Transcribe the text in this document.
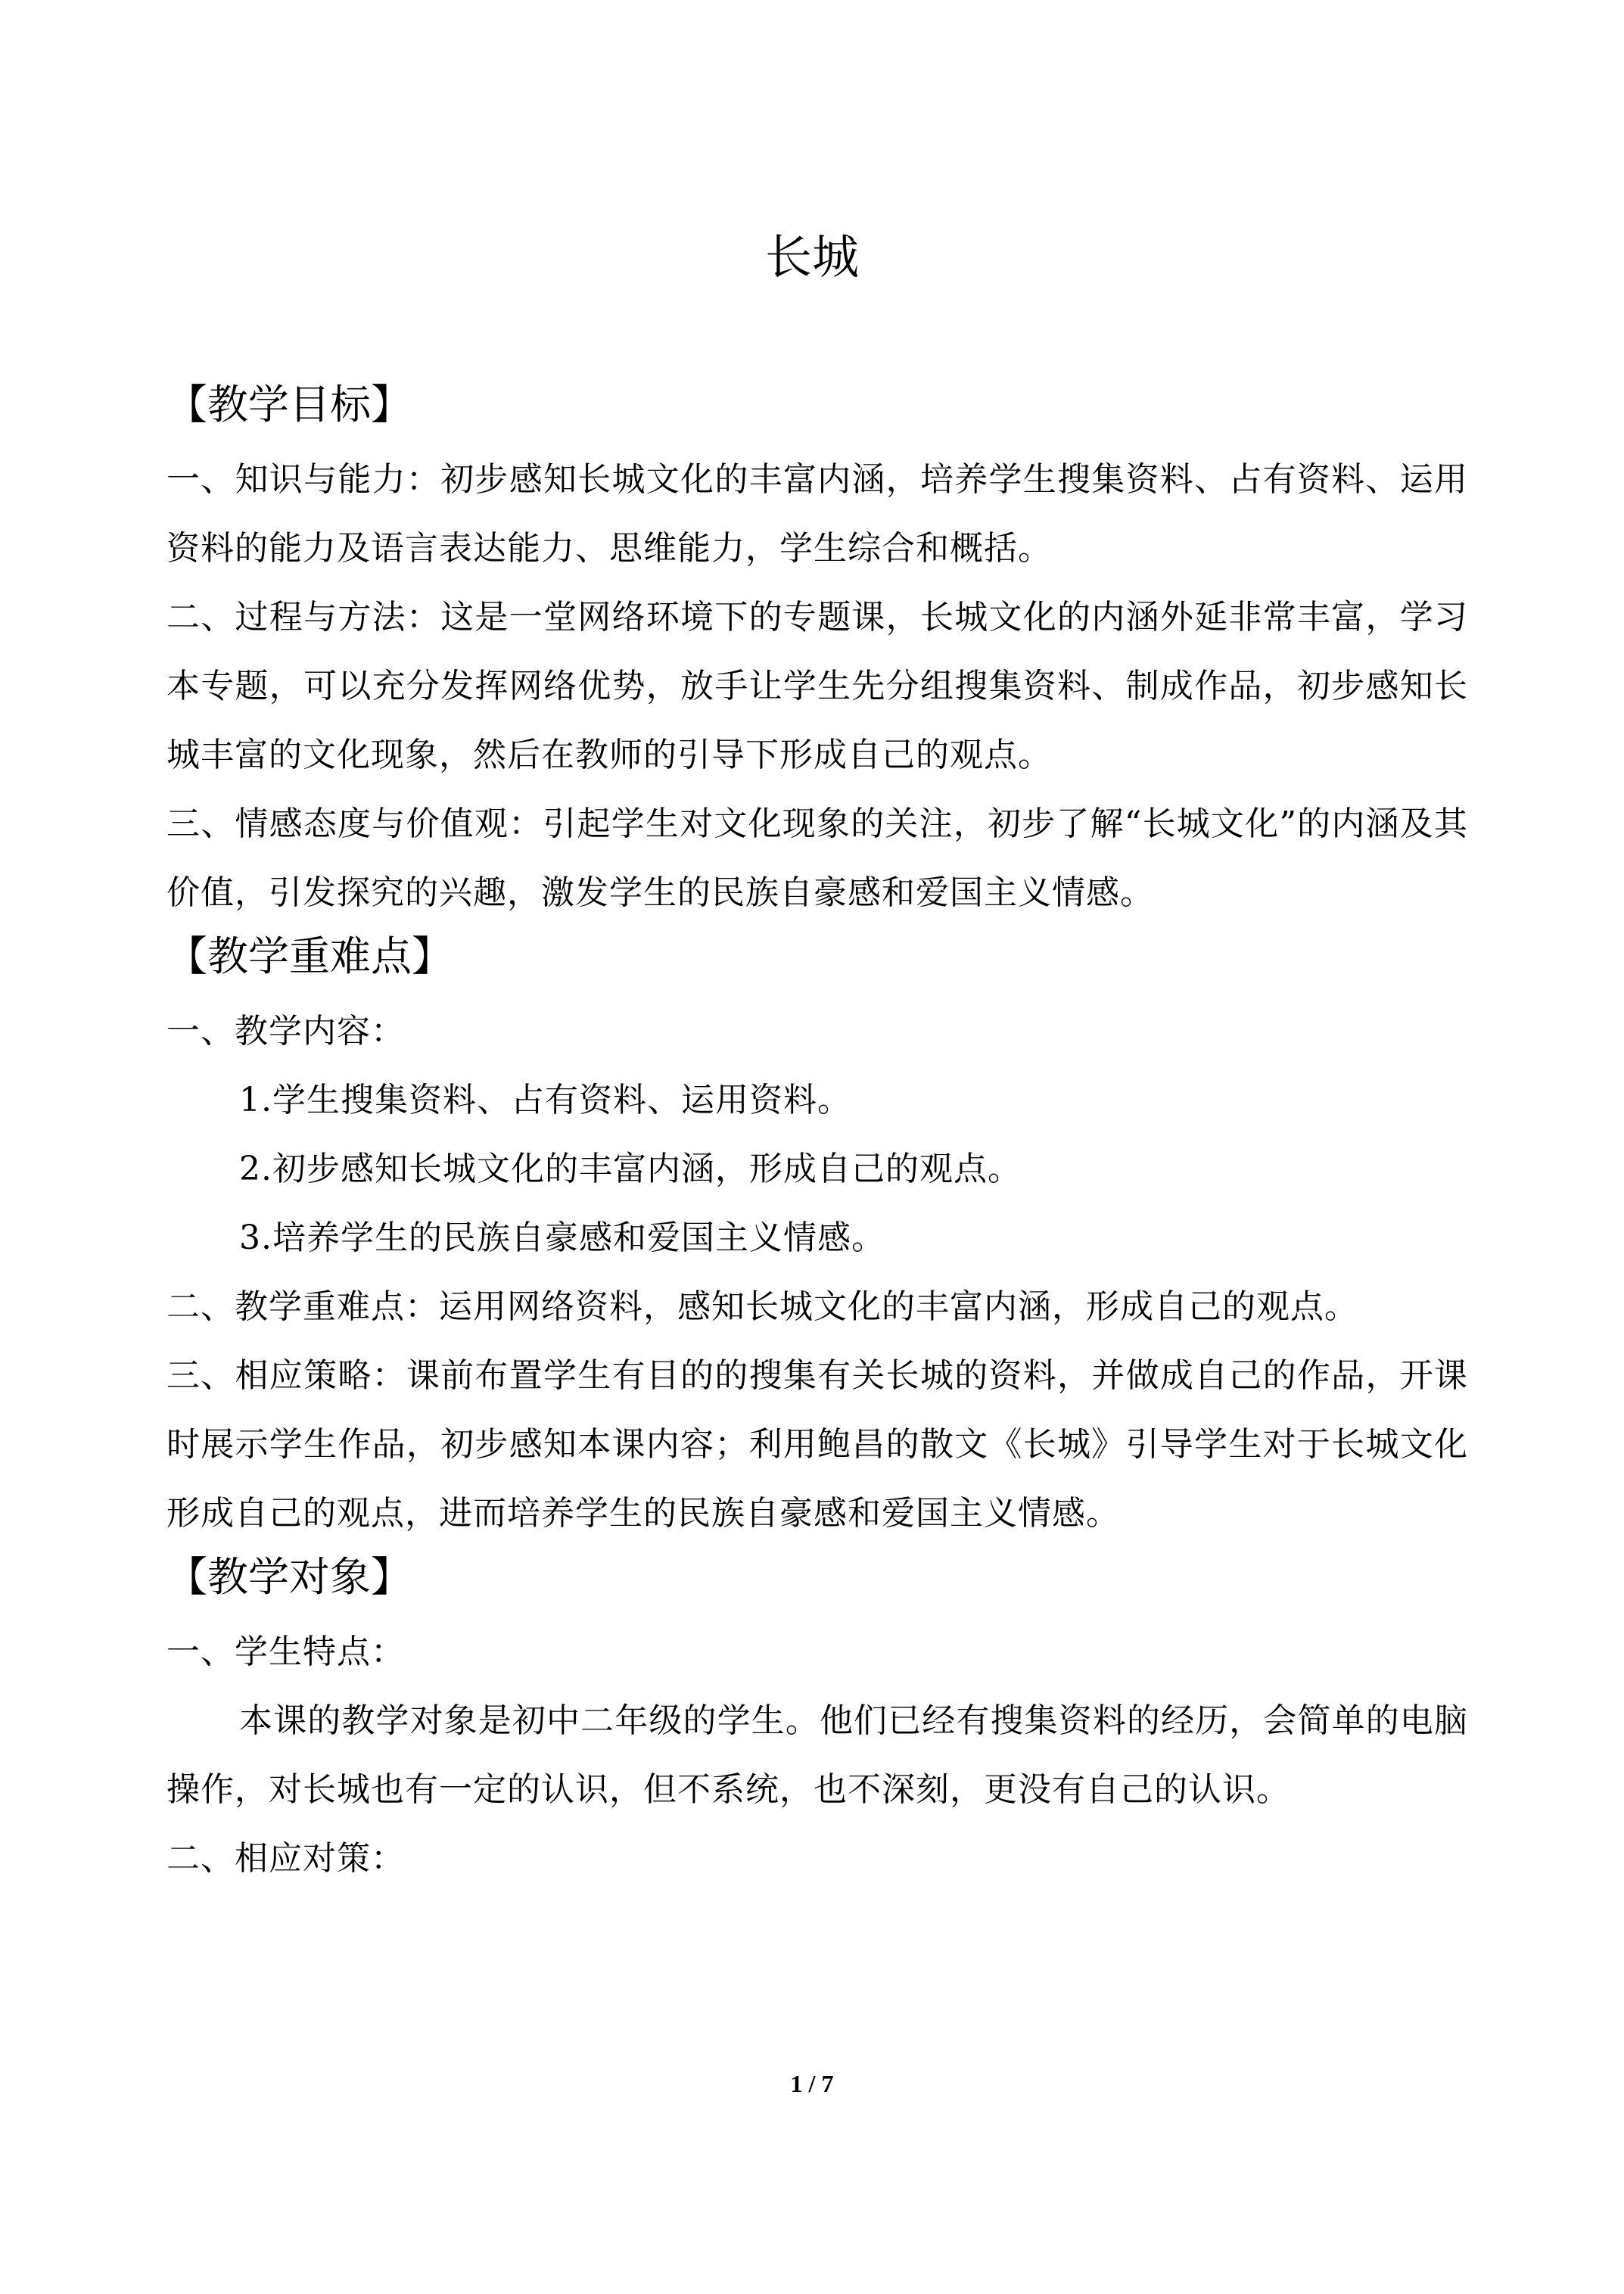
长城
【教学目标】

一、知识与能力：初步感知长城文化的丰富内涵，培养学生搜集资料、占有资料、运用资料的能力及语言表达能力、思维能力，学生综合和概括。

二、过程与方法：这是一堂网络环境下的专题课，长城文化的内涵外延非常丰富，学习本专题，可以充分发挥网络优势，放手让学生先分组搜集资料、制成作品，初步感知长城丰富的文化现象，然后在教师的引导下形成自己的观点。

三、情感态度与价值观：引起学生对文化现象的关注，初步了解“长城文化”的内涵及其价值，引发探究的兴趣，激发学生的民族自豪感和爱国主义情感。

【教学重难点】

一、教学内容：

1.学生搜集资料、占有资料、运用资料。

2.初步感知长城文化的丰富内涵，形成自己的观点。

3.培养学生的民族自豪感和爱国主义情感。

二、教学重难点：运用网络资料，感知长城文化的丰富内涵，形成自己的观点。

三、相应策略：课前布置学生有目的的搜集有关长城的资料，并做成自己的作品，开课时展示学生作品，初步感知本课内容；利用鲍昌的散文《长城》引导学生对于长城文化形成自己的观点，进而培养学生的民族自豪感和爱国主义情感。

【教学对象】

一、学生特点：

本课的教学对象是初中二年级的学生。他们已经有搜集资料的经历，会简单的电脑操作，对长城也有一定的认识，但不系统，也不深刻，更没有自己的认识。

二、相应对策：

1 / 7
